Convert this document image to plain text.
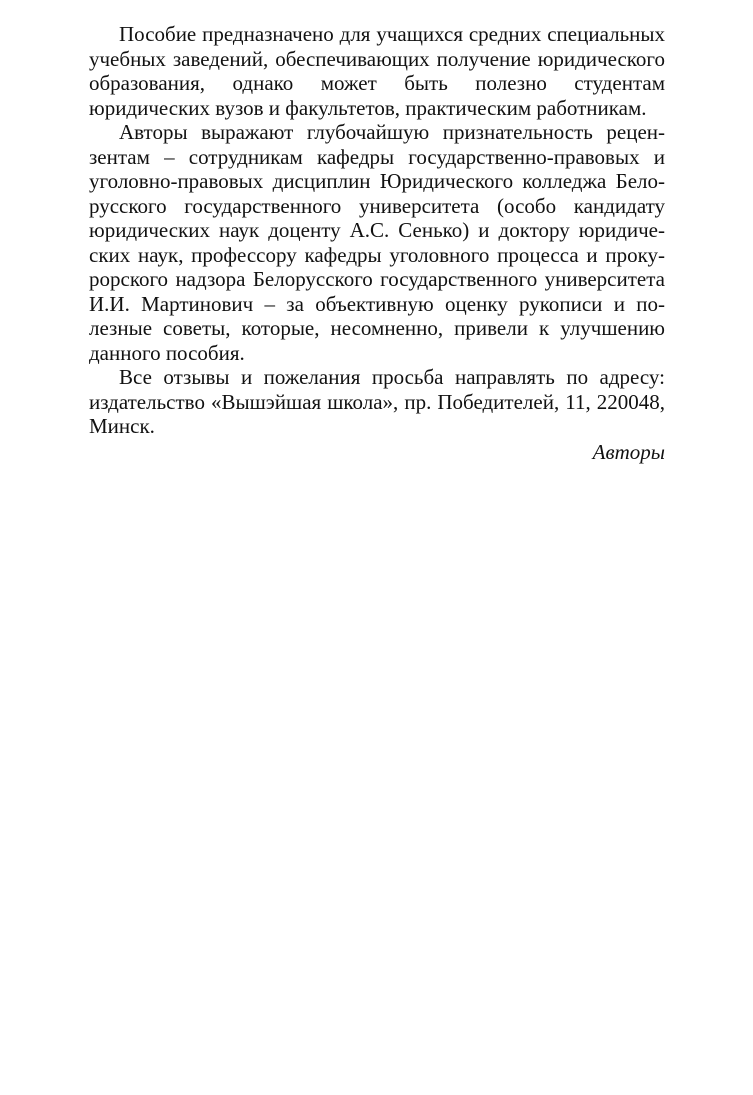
Пособие предназначено для учащихся средних специальных учебных заведений, обеспечивающих получение юридического образования, однако может быть полезно студентам юридических вузов и факультетов, практическим работникам.

Авторы выражают глубочайшую признательность рецензентам – сотрудникам кафедры государственно-правовых и уголовно-правовых дисциплин Юридического колледжа Белорусского государственного университета (особо кандидату юридических наук доценту А.С. Сенько) и доктору юридических наук, профессору кафедры уголовного процесса и прокурорского надзора Белорусского государственного университета И.И. Мартинович – за объективную оценку рукописи и полезные советы, которые, несомненно, привели к улучшению данного пособия.

Все отзывы и пожелания просьба направлять по адресу: издательство «Вышэйшая школа», пр. Победителей, 11, 220048, Минск.

Авторы
